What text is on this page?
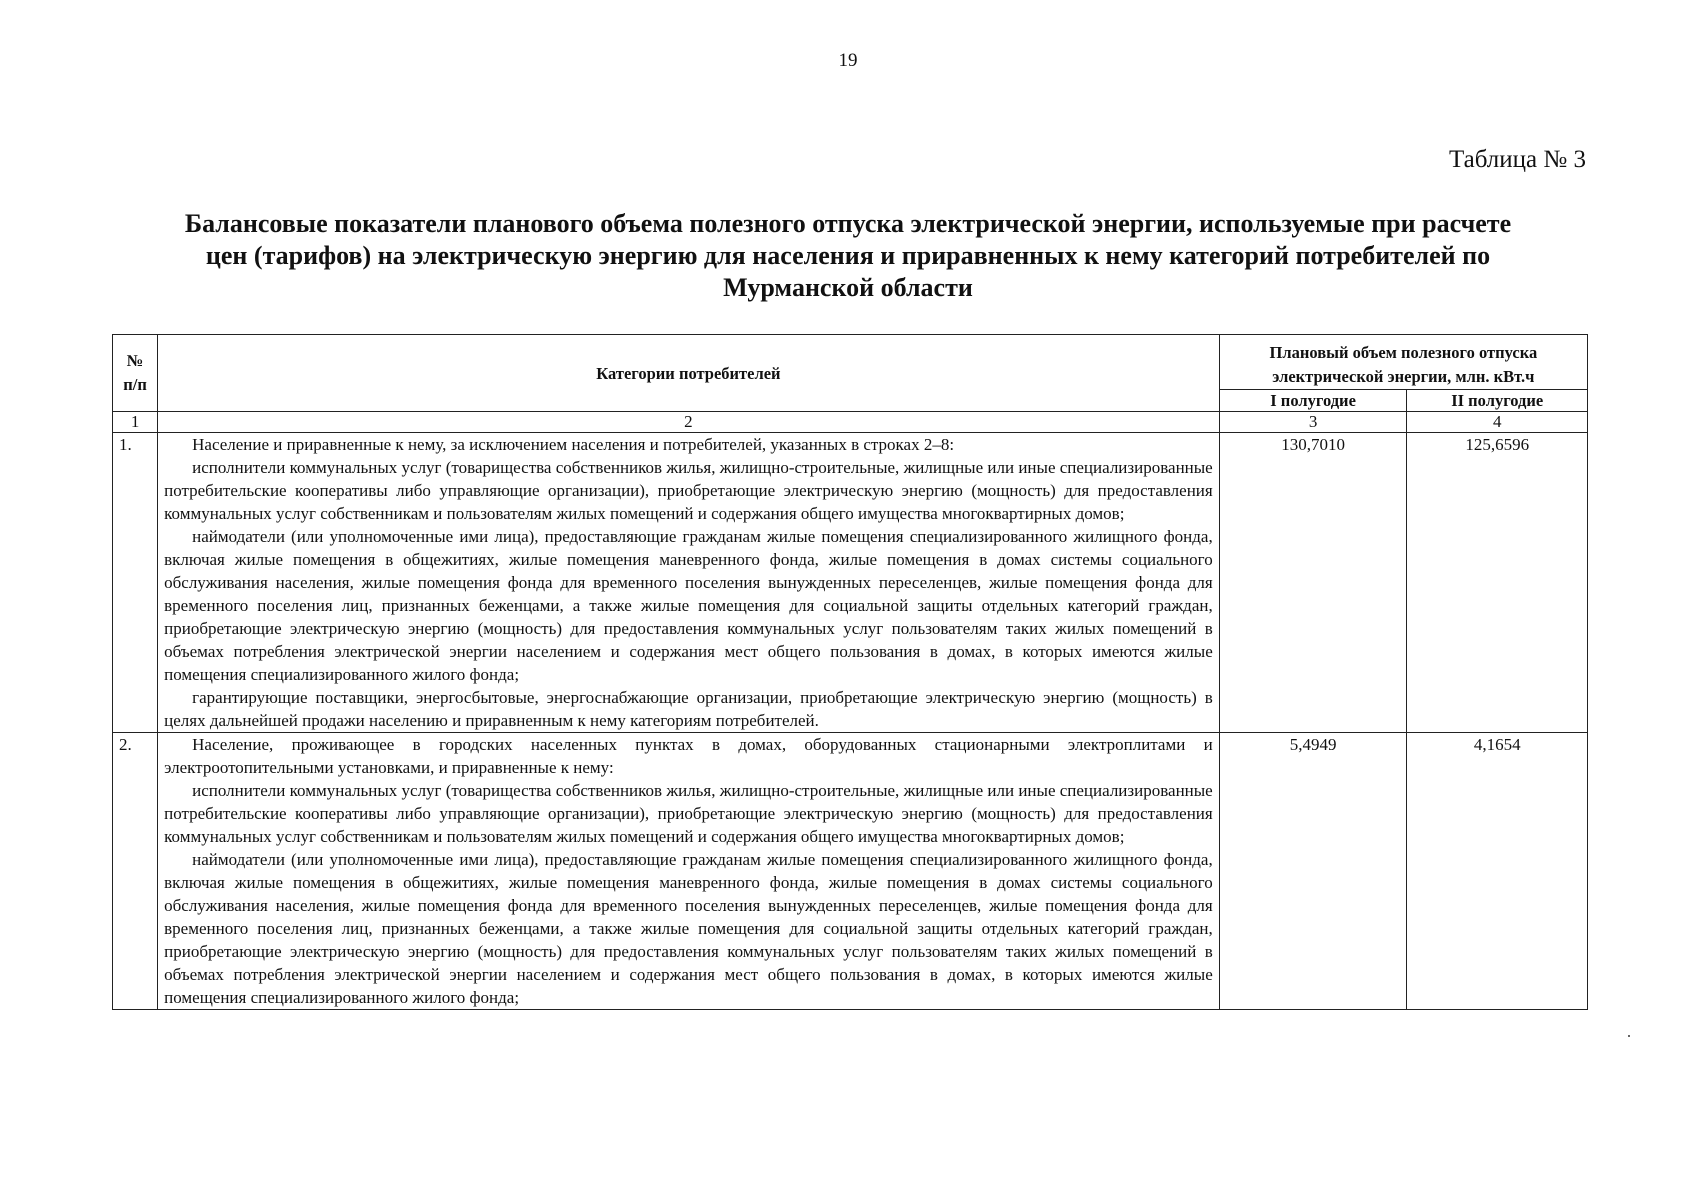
19
Таблица № 3
Балансовые показатели планового объема полезного отпуска электрической энергии, используемые при расчете
цен (тарифов) на электрическую энергию для населения и приравненных к нему категорий потребителей по
Мурманской области
№ п/п	Категории потребителей	Плановый объем полезного отпуска электрической энергии, млн. кВт.ч	
		I полугодие	II полугодие
1	2	3	4
1.	Население и приравненные к нему, за исключением населения и потребителей, указанных в строках 2–8:

исполнители коммунальных услуг (товарищества собственников жилья, жилищно-строительные, жилищные или иные специализированные потребительские кооперативы либо управляющие организации), приобретающие электрическую энергию (мощность) для предоставления коммунальных услуг собственникам и пользователям жилых помещений и содержания общего имущества многоквартирных домов;

наймодатели (или уполномоченные ими лица), предоставляющие гражданам жилые помещения специализированного жилищного фонда, включая жилые помещения в общежитиях, жилые помещения маневренного фонда, жилые помещения в домах системы социального обслуживания населения, жилые помещения фонда для временного поселения вынужденных переселенцев, жилые помещения фонда для временного поселения лиц, признанных беженцами, а также жилые помещения для социальной защиты отдельных категорий граждан, приобретающие электрическую энергию (мощность) для предоставления коммунальных услуг пользователям таких жилых помещений в объемах потребления электрической энергии населением и содержания мест общего пользования в домах, в которых имеются жилые помещения специализированного жилого фонда;

гарантирующие поставщики, энергосбытовые, энергоснабжающие организации, приобретающие электрическую энергию (мощность) в целях дальнейшей продажи населению и приравненным к нему категориям потребителей.	130,7010	125,6596
2.	Население, проживающее в городских населенных пунктах в домах, оборудованных стационарными электроплитами и электроотопительными установками, и приравненные к нему:

исполнители коммунальных услуг (товарищества собственников жилья, жилищно-строительные, жилищные или иные специализированные потребительские кооперативы либо управляющие организации), приобретающие электрическую энергию (мощность) для предоставления коммунальных услуг собственникам и пользователям жилых помещений и содержания общего имущества многоквартирных домов;

наймодатели (или уполномоченные ими лица), предоставляющие гражданам жилые помещения специализированного жилищного фонда, включая жилые помещения в общежитиях, жилые помещения маневренного фонда, жилые помещения в домах системы социального обслуживания населения, жилые помещения фонда для временного поселения вынужденных переселенцев, жилые помещения фонда для временного поселения лиц, признанных беженцами, а также жилые помещения для социальной защиты отдельных категорий граждан, приобретающие электрическую энергию (мощность) для предоставления коммунальных услуг пользователям таких жилых помещений в объемах потребления электрической энергии населением и содержания мест общего пользования в домах, в которых имеются жилые помещения специализированного жилого фонда;	5,4949	4,1654
